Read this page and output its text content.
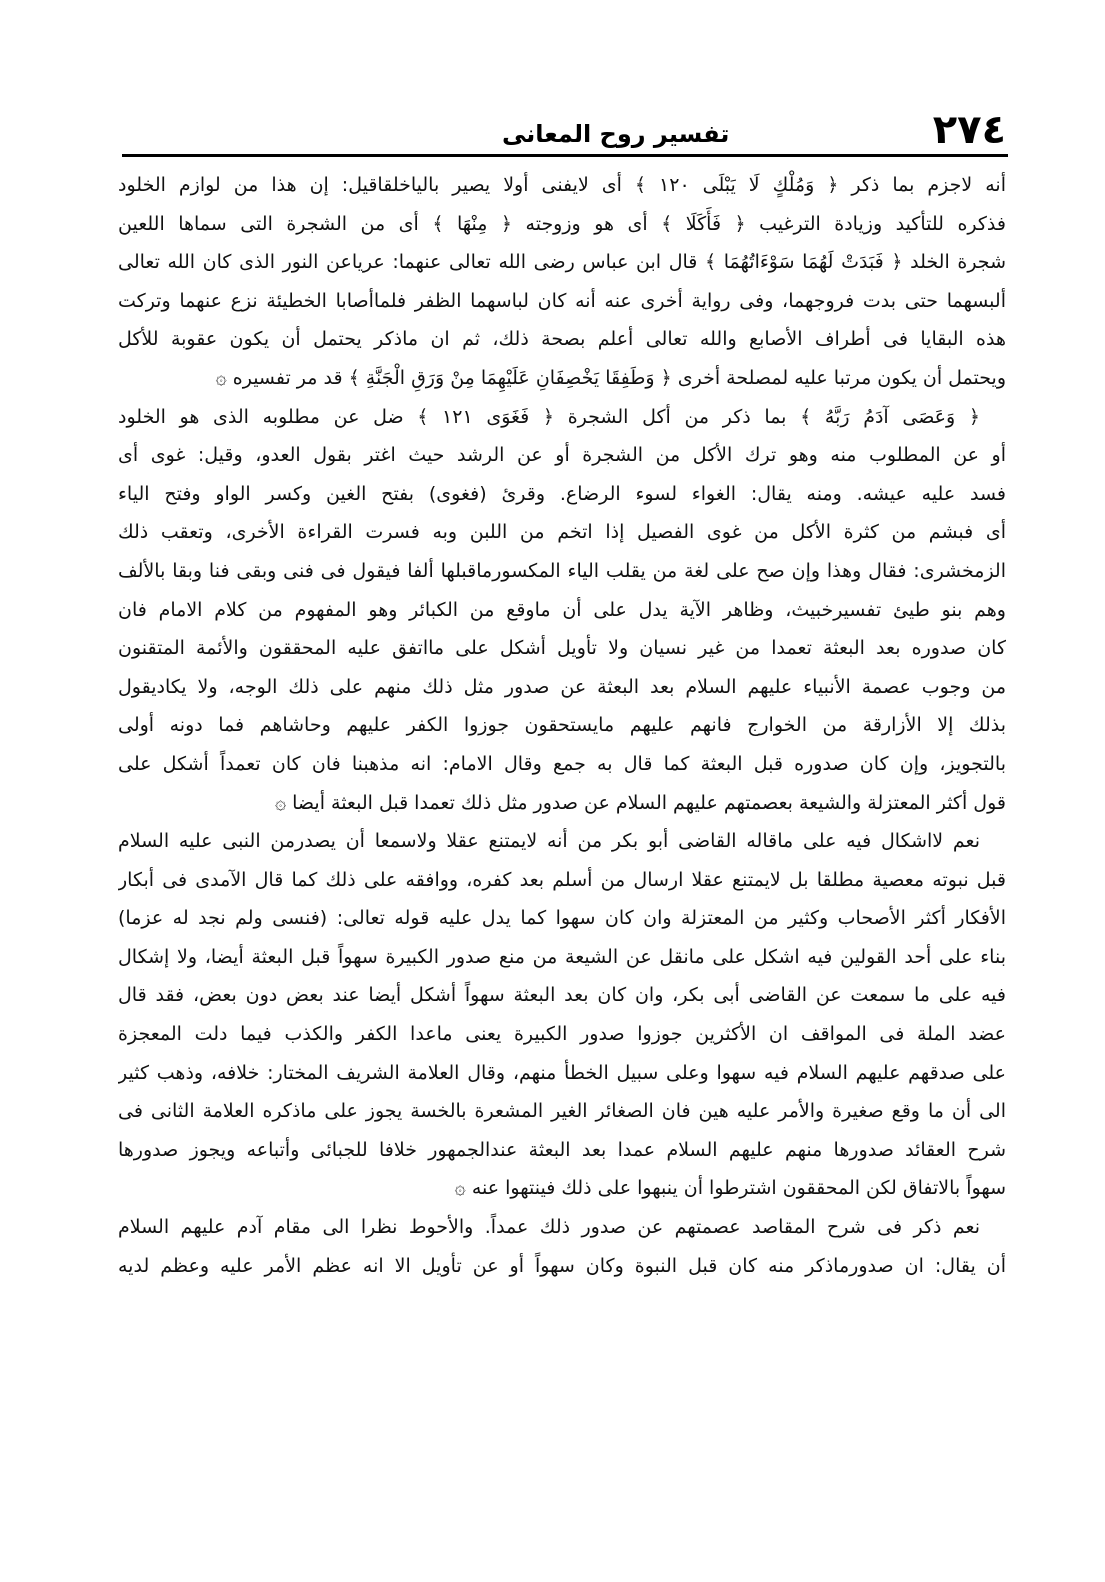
٢٧٤
تفسير روح المعانى
أنه لاجزم بما ذكر ﴿ وَمُلْكٍ لَا يَبْلَى ١٢٠ ﴾ أى لايفنى أولا يصير بالياخلقاقيل: إن هذا من لوازم الخلود
فذكره للتأكيد وزيادة الترغيب ﴿ فَأَكَلَا ﴾ أى هو وزوجته ﴿ مِنْهَا ﴾ أى من الشجرة التى سماها اللعين
شجرة الخلد ﴿ فَبَدَتْ لَهُمَا سَوْءَاتُهُمَا ﴾ قال ابن عباس رضى الله تعالى عنهما: عرياعن النور الذى كان الله تعالى
ألبسهما حتى بدت فروجهما، وفى رواية أخرى عنه أنه كان لباسهما الظفر فلماأصابا الخطيئة نزع عنهما وتركت
هذه البقايا فى أطراف الأصابع والله تعالى أعلم بصحة ذلك، ثم ان ماذكر يحتمل أن يكون عقوبة للأكل
ويحتمل أن يكون مرتبا عليه لمصلحة أخرى ﴿ وَطَفِقَا يَخْصِفَانِ عَلَيْهِمَا مِنْ وَرَقِ الْجَنَّةِ ﴾ قد مر تفسيره ۞
﴿ وَعَصَى آدَمُ رَبَّهُ ﴾ بما ذكر من أكل الشجرة ﴿ فَغَوَى ١٢١ ﴾ ضل عن مطلوبه الذى هو الخلود
أو عن المطلوب منه وهو ترك الأكل من الشجرة أو عن الرشد حيث اغتر بقول العدو، وقيل: غوى أى
فسد عليه عيشه. ومنه يقال: الغواء لسوء الرضاع. وقرئ (فغوى) بفتح الغين وكسر الواو وفتح الياء
أى فبشم من كثرة الأكل من غوى الفصيل إذا اتخم من اللبن وبه فسرت القراءة الأخرى، وتعقب ذلك
الزمخشرى: فقال وهذا وإن صح على لغة من يقلب الياء المكسورماقبلها ألفا فيقول فى فنى وبقى فنا وبقا بالألف
وهم بنو طيئ تفسيرخبيث، وظاهر الآية يدل على أن ماوقع من الكبائر وهو المفهوم من كلام الامام فان
كان صدوره بعد البعثة تعمدا من غير نسيان ولا تأويل أشكل على مااتفق عليه المحققون والأئمة المتقنون
من وجوب عصمة الأنبياء عليهم السلام بعد البعثة عن صدور مثل ذلك منهم على ذلك الوجه، ولا يكاديقول
بذلك إلا الأزارقة من الخوارج فانهم عليهم مايستحقون جوزوا الكفر عليهم وحاشاهم فما دونه أولى
بالتجويز، وإن كان صدوره قبل البعثة كما قال به جمع وقال الامام: انه مذهبنا فان كان تعمداً أشكل على
قول أكثر المعتزلة والشيعة بعصمتهم عليهم السلام عن صدور مثل ذلك تعمدا قبل البعثة أيضا ۞
نعم لااشكال فيه على ماقاله القاضى أبو بكر من أنه لايمتنع عقلا ولاسمعا أن يصدرمن النبى عليه السلام
قبل نبوته معصية مطلقا بل لايمتنع عقلا ارسال من أسلم بعد كفره، ووافقه على ذلك كما قال الآمدى فى أبكار
الأفكار أكثر الأصحاب وكثير من المعتزلة وان كان سهوا كما يدل عليه قوله تعالى: (فنسى ولم نجد له عزما)
بناء على أحد القولين فيه اشكل على مانقل عن الشيعة من منع صدور الكبيرة سهواً قبل البعثة أيضا، ولا إشكال
فيه على ما سمعت عن القاضى أبى بكر، وان كان بعد البعثة سهواً أشكل أيضا عند بعض دون بعض، فقد قال
عضد الملة فى المواقف ان الأكثرين جوزوا صدور الكبيرة يعنى ماعدا الكفر والكذب فيما دلت المعجزة
على صدقهم عليهم السلام فيه سهوا وعلى سبيل الخطأ منهم، وقال العلامة الشريف المختار: خلافه، وذهب كثير
الى أن ما وقع صغيرة والأمر عليه هين فان الصغائر الغير المشعرة بالخسة يجوز على ماذكره العلامة الثانى فى
شرح العقائد صدورها منهم عليهم السلام عمدا بعد البعثة عندالجمهور خلافا للجبائى وأتباعه ويجوز صدورها
سهواً بالاتفاق لكن المحققون اشترطوا أن ينبهوا على ذلك فينتهوا عنه ۞
نعم ذكر فى شرح المقاصد عصمتهم عن صدور ذلك عمداً. والأحوط نظرا الى مقام آدم عليهم السلام
أن يقال: ان صدورماذكر منه كان قبل النبوة وكان سهواً أو عن تأويل الا انه عظم الأمر عليه وعظم لديه
